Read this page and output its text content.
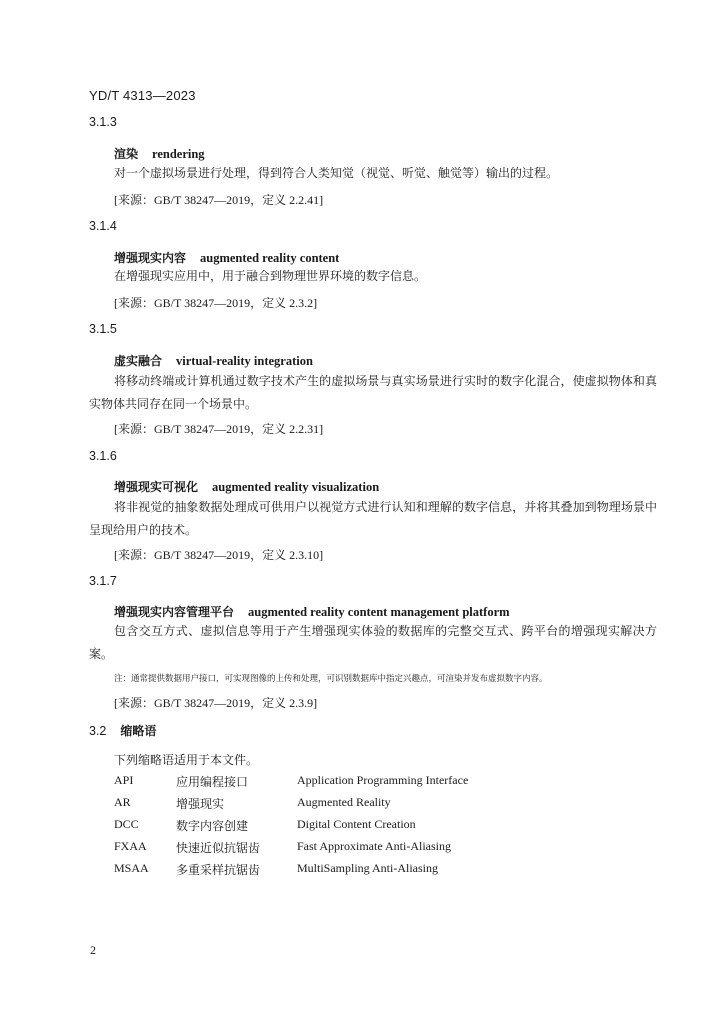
YD/T 4313—2023
3.1.3
渲染 rendering
对一个虚拟场景进行处理，得到符合人类知觉（视觉、听觉、触觉等）输出的过程。
[来源：GB/T 38247—2019，定义 2.2.41]
3.1.4
增强现实内容 augmented reality content
在增强现实应用中，用于融合到物理世界环境的数字信息。
[来源：GB/T 38247—2019，定义 2.3.2]
3.1.5
虚实融合 virtual-reality integration
将移动终端或计算机通过数字技术产生的虚拟场景与真实场景进行实时的数字化混合，使虚拟物体和真实物体共同存在同一个场景中。
[来源：GB/T 38247—2019，定义 2.2.31]
3.1.6
增强现实可视化 augmented reality visualization
将非视觉的抽象数据处理成可供用户以视觉方式进行认知和理解的数字信息，并将其叠加到物理场景中呈现给用户的技术。
[来源：GB/T 38247—2019，定义 2.3.10]
3.1.7
增强现实内容管理平台 augmented reality content management platform
包含交互方式、虚拟信息等用于产生增强现实体验的数据库的完整交互式、跨平台的增强现实解决方案。
注：通常提供数据用户接口，可实现图像的上传和处理，可识别数据库中指定兴趣点，可渲染并发布虚拟数字内容。
[来源：GB/T 38247—2019，定义 2.3.9]
3.2 缩略语
下列缩略语适用于本文件。
API	应用编程接口	Application Programming Interface
AR	增强现实	Augmented Reality
DCC	数字内容创建	Digital Content Creation
FXAA 快速近似抗锯齿	Fast Approximate Anti-Aliasing
MSAA 多重采样抗锯齿	MultiSampling Anti-Aliasing
2
